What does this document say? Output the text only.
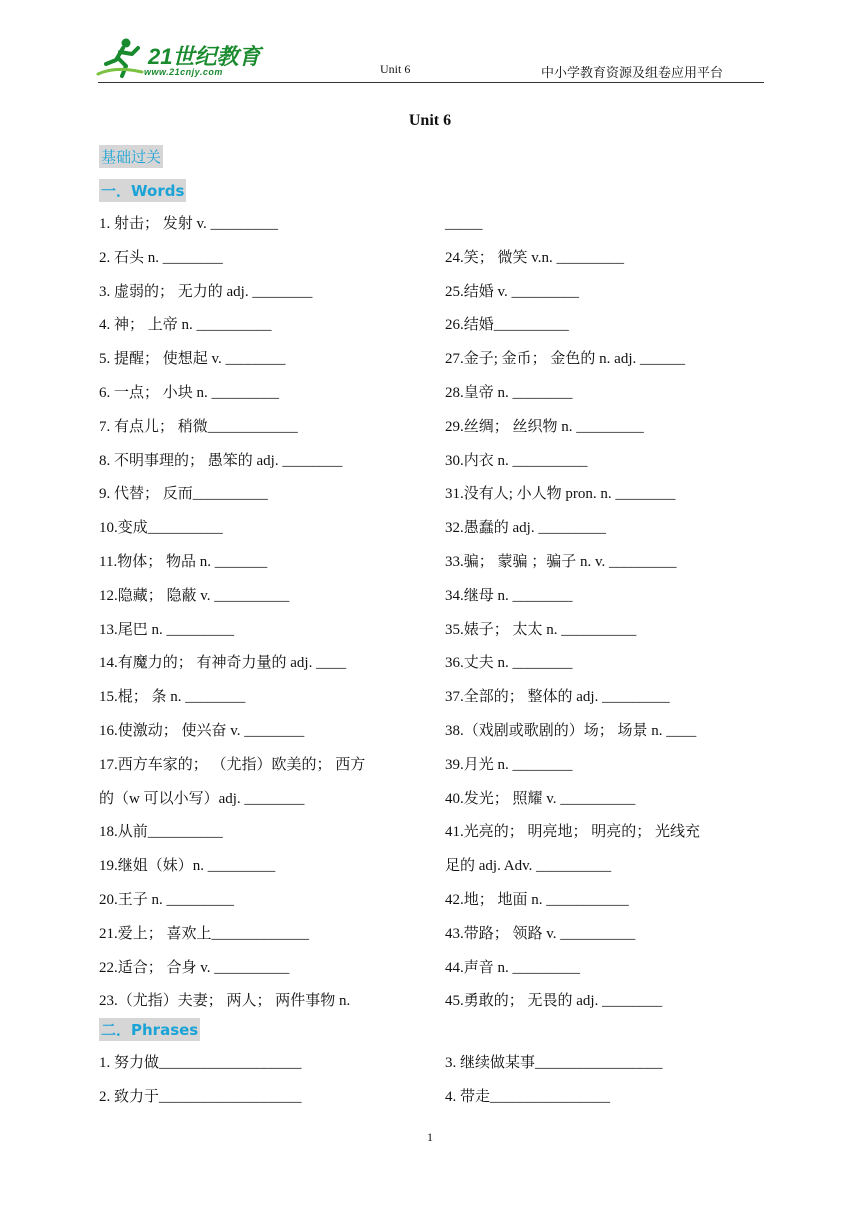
21世纪教育
www.21cnjy.com	Unit 6	中小学教育资源及组卷应用平台
Unit 6
基础过关
一．Words
1. 射击； 发射 v. _________
2. 石头 n. ________
3. 虚弱的； 无力的 adj. ________
4. 神； 上帝 n. __________
5. 提醒； 使想起 v. ________
6. 一点； 小块 n. _________
7. 有点儿； 稍微____________
8. 不明事理的； 愚笨的 adj. ________
9. 代替； 反而__________
10.变成__________
11.物体； 物品 n. _______
12.隐藏； 隐蔽 v. __________
13.尾巴 n. _________
14.有魔力的； 有神奇力量的 adj. ____
15.棍； 条 n. ________
16.使激动； 使兴奋 v. ________
17.西方车家的； （尤指）欧美的； 西方
的（w 可以小写）adj. ________
18.从前__________
19.继姐（妹）n. _________
20.王子 n. _________
21.爱上； 喜欢上_____________
22.适合； 合身 v. __________
23.（尤指）夫妻； 两人； 两件事物 n.
_____
24.笑； 微笑 v.n. _________
25.结婚 v. _________
26.结婚__________
27.金子; 金币； 金色的 n. adj. ______
28.皇帝 n. ________
29.丝绸； 丝织物 n. _________
30.内衣 n. __________
31.没有人; 小人物 pron. n. ________
32.愚蠢的 adj. _________
33.骗； 蒙骗 ；骗子 n. v. _________
34.继母 n. ________
35.婊子； 太太 n. __________
36.丈夫 n. ________
37.全部的； 整体的 adj. _________
38.（戏剧或歌剧的）场； 场景 n. ____
39.月光 n. ________
40.发光； 照耀 v. __________
41.光亮的； 明亮地； 明亮的； 光线充
足的 adj. Adv. __________
42.地； 地面 n. ___________
43.带路； 领路 v. __________
44.声音 n. _________
45.勇敢的； 无畏的 adj. ________
二．Phrases
1. 努力做___________________
2. 致力于___________________
3. 继续做某事_________________
4. 带走________________
1
